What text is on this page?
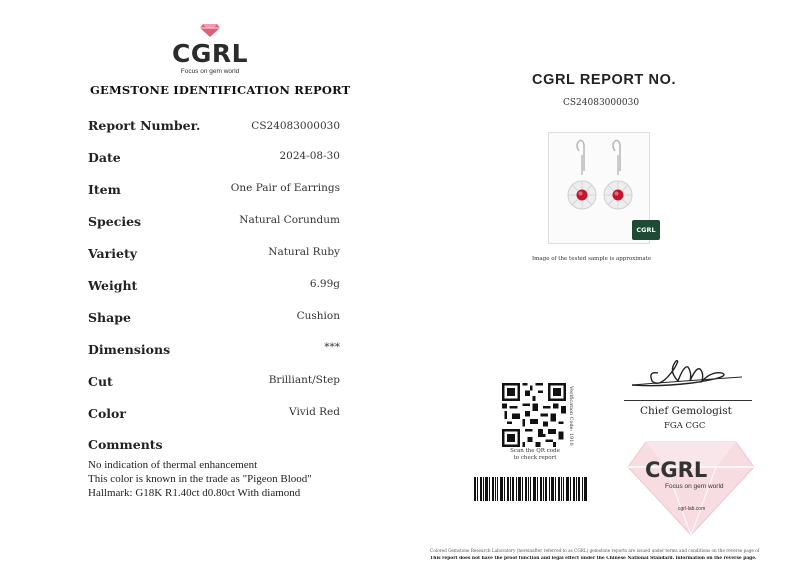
CGRL
Focus on gem world
GEMSTONE IDENTIFICATION REPORT
Report Number.	CS24083000030
Date	2024-08-30
Item	One Pair of Earrings
Species	Natural Corundum
Variety	Natural Ruby
Weight	6.99g
Shape	Cushion
Dimensions	***
Cut	Brilliant/Step
Color	Vivid Red
Comments
No indication of thermal enhancement
This color is known in the trade as "Pigeon Blood"
Hallmark: G18K R1.40ct d0.80ct With diamond
CGRL REPORT NO.
CS24083000030
CGRL
Image of the tested sample is approximate
Chief Gemologist
FGA CGC
Verification Code: 1910
Scan the QR code
to check report	CGRL
Focus on gem world
cgrl-lab.com
Colored Gemstone Research Laboratory (hereinafter referred to as CGRL) gemstone reports are issued under terms and conditions on the reverse page of
This report does not have the proof function and legal effect under the Chinese National Standard. information on the reverse page.
